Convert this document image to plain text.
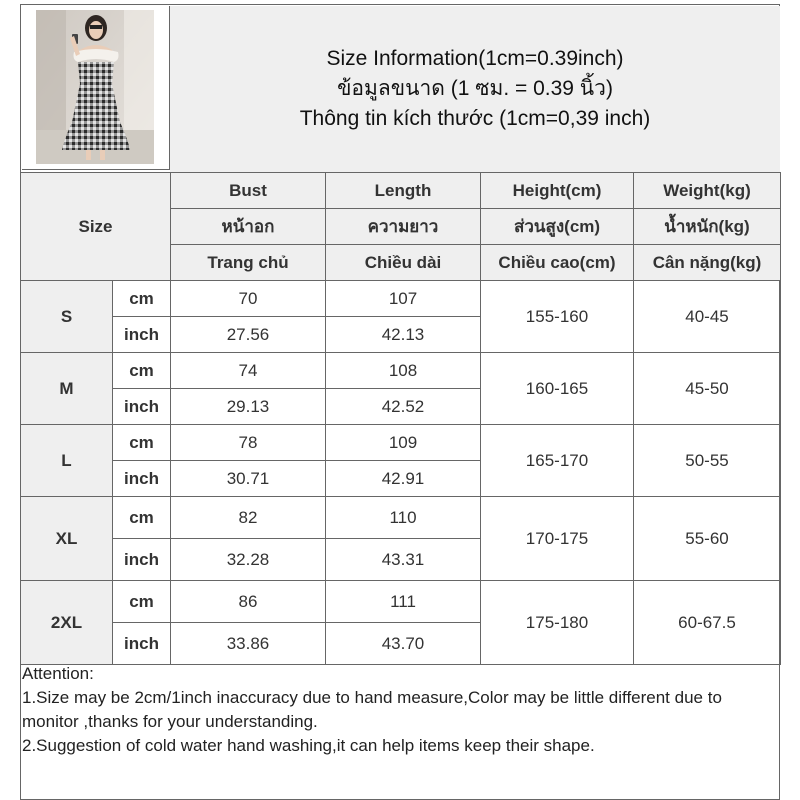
Size Information(1cm=0.39inch)
ข้อมูลขนาด (1 ซม. = 0.39 นิ้ว)
Thông tin kích thước (1cm=0,39 inch)
Size		Bust	Length	Height(cm)	Weight(kg)
		หน้าอก	ความยาว	ส่วนสูง(cm)	น้ำหนัก(kg)
		Trang chủ	Chiều dài	Chiều cao(cm)	Cân nặng(kg)
S	cm	70	107	155-160	40-45
	inch	27.56	42.13		
M	cm	74	108	160-165	45-50
	inch	29.13	42.52		
L	cm	78	109	165-170	50-55
	inch	30.71	42.91		
XL	cm	82	110	170-175	55-60
	inch	32.28	43.31		
2XL	cm	86	111	175-180	60-67.5
	inch	33.86	43.70		
Attention:
1.Size may be 2cm/1inch inaccuracy due to hand measure,Color may be little different due to monitor ,thanks for your understanding.
2.Suggestion of cold water hand washing,it can help items keep their shape.
